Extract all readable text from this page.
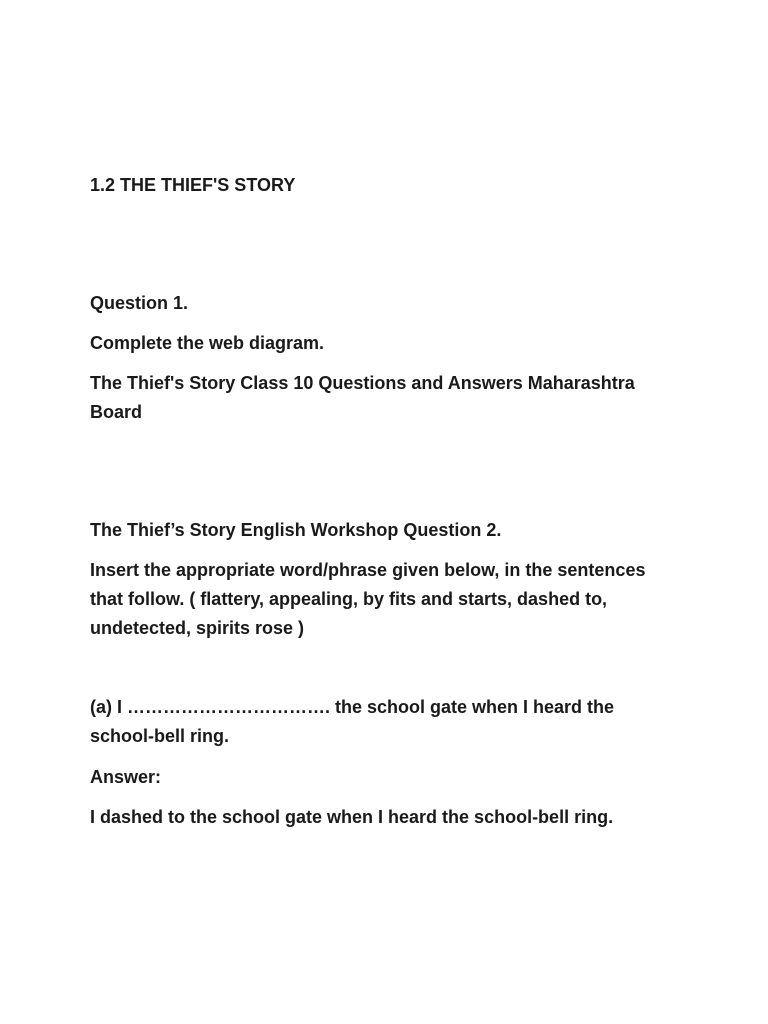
1.2 THE THIEF'S STORY

Question 1.

Complete the web diagram.

The Thief's Story Class 10 Questions and Answers Maharashtra Board

The Thief’s Story English Workshop Question 2.

Insert the appropriate word/phrase given below, in the sentences that follow. ( flattery, appealing, by fits and starts, dashed to, undetected, spirits rose )

(a) I ……………………………. the school gate when I heard the school-bell ring.

Answer:

I dashed to the school gate when I heard the school-bell ring.
